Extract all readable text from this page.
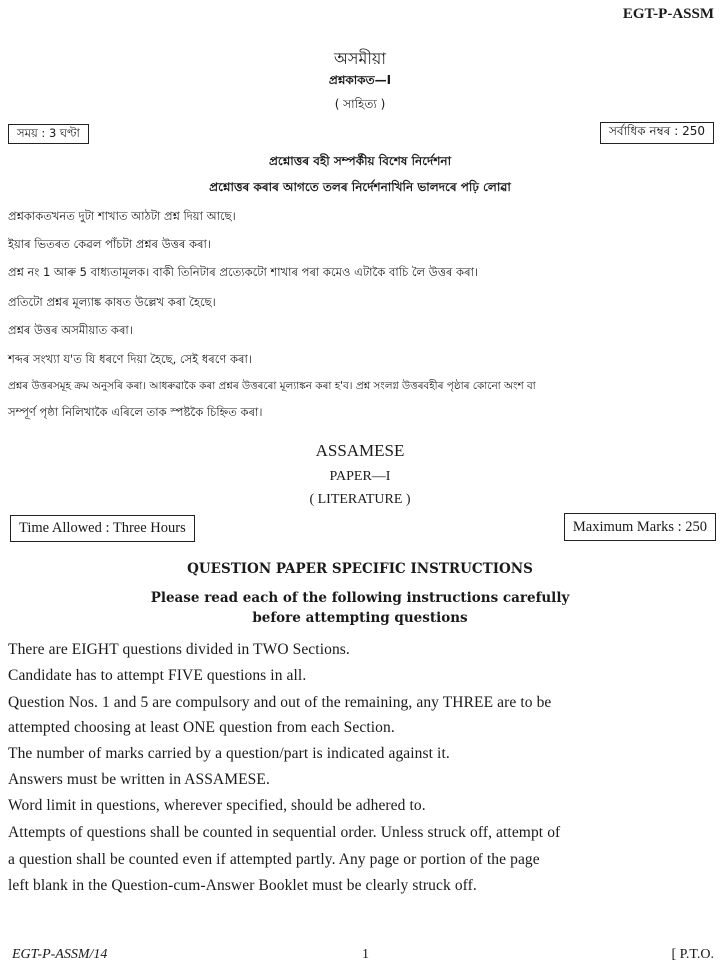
EGT-P-ASSM
অসমীয়া
প্ৰশ্নকাকত—I
( সাহিত্য )
সময় : 3 ঘণ্টা	সৰ্বাধিক নম্বৰ : 250
প্ৰশ্নোত্তৰ বহী সম্পৰ্কীয় বিশেষ নিৰ্দেশনা
প্ৰশ্নোত্তৰ কৰাৰ আগতে তলৰ নিৰ্দেশনাখিনি ভালদৰে পঢ়ি লোৱা
প্ৰশ্নকাকতখনত দুটা শাখাত আঠটা প্ৰশ্ন দিয়া আছে।
ইয়াৰ ভিতৰত কেৱল পাঁচটা প্ৰশ্নৰ উত্তৰ কৰা।
প্ৰশ্ন নং 1 আৰু 5 বাধ্যতামূলক। বাকী তিনিটাৰ প্ৰত্যেকটো শাখাৰ পৰা কমেও এটাকৈ বাচি লৈ উত্তৰ কৰা।
প্ৰতিটো প্ৰশ্নৰ মূল্যাঙ্ক কাষত উল্লেখ কৰা হৈছে।
প্ৰশ্নৰ উত্তৰ অসমীয়াত কৰা।
শব্দৰ সংখ্যা য'ত যি ধৰণে দিয়া হৈছে, সেই ধৰণে কৰা।
প্ৰশ্নৰ উত্তৰসমূহ ক্ৰম অনুসৰি কৰা। আধৰুৱাকৈ কৰা প্ৰশ্নৰ উত্তৰৰো মূল্যাঙ্কন কৰা হ'ব। প্ৰশ্ন সংলগ্ন উত্তৰবহীৰ পৃষ্ঠাৰ কোনো অংশ বা
সম্পূৰ্ণ পৃষ্ঠা নিলিখাকৈ এৰিলে তাক স্পষ্টকৈ চিহ্নিত কৰা।
ASSAMESE
PAPER—I
( LITERATURE )
Time Allowed : Three Hours	Maximum Marks : 250
QUESTION PAPER SPECIFIC INSTRUCTIONS
Please read each of the following instructions carefully
before attempting questions
There are EIGHT questions divided in TWO Sections.
Candidate has to attempt FIVE questions in all.
Question Nos. 1 and 5 are compulsory and out of the remaining, any THREE are to be
attempted choosing at least ONE question from each Section.
The number of marks carried by a question/part is indicated against it.
Answers must be written in ASSAMESE.
Word limit in questions, wherever specified, should be adhered to.
Attempts of questions shall be counted in sequential order. Unless struck off, attempt of
a question shall be counted even if attempted partly. Any page or portion of the page
left blank in the Question-cum-Answer Booklet must be clearly struck off.
EGT-P-ASSM/14	1	[ P.T.O.
